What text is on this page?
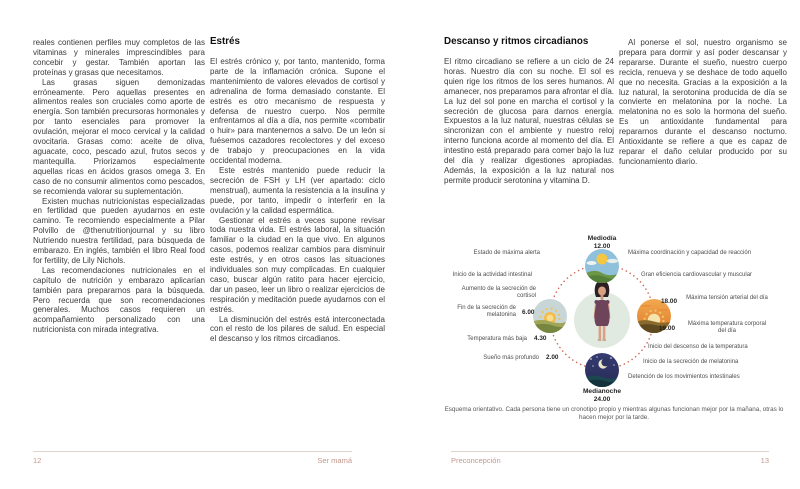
reales contienen perfiles muy completos de las vitaminas y minerales imprescindibles para concebir y gestar. También aportan las proteínas y grasas que necesitamos.

Las grasas siguen demonizadas erróneamente. Pero aquellas presentes en alimentos reales son cruciales como aporte de energía. Son también precursoras hormonales y por tanto esenciales para promover la ovulación, mejorar el moco cervical y la calidad ovocitaria. Grasas como: aceite de oliva, aguacate, coco, pescado azul, frutos secos y mantequilla. Priorizamos especialmente aquellas ricas en ácidos grasos omega 3. En caso de no consumir alimentos como pescados, se recomienda valorar su suplementación.

Existen muchas nutricionistas especializadas en fertilidad que pueden ayudarnos en este camino. Te recomiendo especialmente a Pilar Polvillo de @thenutritionjournal y su libro Nutriendo nuestra fertilidad, para búsqueda de embarazo. En inglés, también el libro Real food for fertility, de Lily Nichols.

Las recomendaciones nutricionales en el capítulo de nutrición y embarazo aplicarían también para prepararnos para la búsqueda. Pero recuerda que son recomendaciones generales. Muchos casos requieren un acompañamiento personalizado con una nutricionista con mirada integrativa.

Estrés

El estrés crónico y, por tanto, mantenido, forma parte de la inflamación crónica. Supone el mantenimiento de valores elevados de cortisol y adrenalina de forma demasiado constante. El estrés es otro mecanismo de respuesta y defensa de nuestro cuerpo. Nos permite enfrentarnos al día a día, nos permite «combatir o huir» para mantenernos a salvo. De un león si fuésemos cazadores recolectores y del exceso de trabajo y preocupaciones en la vida occidental moderna.

Este estrés mantenido puede reducir la secreción de FSH y LH (ver apartado: ciclo menstrual), aumenta la resistencia a la insulina y puede, por tanto, impedir o interferir en la ovulación y la calidad espermática.

Gestionar el estrés a veces supone revisar toda nuestra vida. El estrés laboral, la situación familiar o la ciudad en la que vivo. En algunos casos, podemos realizar cambios para disminuir este estrés, y en otros casos las situaciones individuales son muy complicadas. En cualquier caso, buscar algún ratito para hacer ejercicio, dar un paseo, leer un libro o realizar ejercicios de respiración y meditación puede ayudarnos con el estrés.

La disminución del estrés está interconectada con el resto de los pilares de salud. En especial el descanso y los ritmos circadianos.

12	Ser mamá
Descanso y ritmos circadianos

El ritmo circadiano se refiere a un ciclo de 24 horas. Nuestro día con su noche. El sol es quien rige los ritmos de los seres humanos. Al amanecer, nos preparamos para afrontar el día. La luz del sol pone en marcha el cortisol y la secreción de glucosa para darnos energía. Expuestos a la luz natural, nuestras células se sincronizan con el ambiente y nuestro reloj interno funciona acorde al momento del día. El intestino está preparado para comer bajo la luz del día y realizar digestiones apropiadas. Además, la exposición a la luz natural nos permite producir serotonina y vitamina D.

Al ponerse el sol, nuestro organismo se prepara para dormir y así poder descansar y repararse. Durante el sueño, nuestro cuerpo recicla, renueva y se deshace de todo aquello que no necesita. Gracias a la exposición a la luz natural, la serotonina producida de día se convierte en melatonina por la noche. La melatonina no es solo la hormona del sueño. Es un antioxidante fundamental para repararnos durante el descanso nocturno. Antioxidante se refiere a que es capaz de reparar el daño celular producido por su funcionamiento diario.

Mediodía
12.00
Medianoche
24.00
Estado de máxima alerta
Inicio de la actividad intestinal
Aumento de la secreción de cortisol
Fin de la secreción de melatonina 6.00
Temperatura más baja 4.30
Sueño más profundo 2.00
Máxima coordinación y capacidad de reacción
Gran eficiencia cardiovascular y muscular
18.00 Máxima tensión arterial del día
19.00
Máxima temperatura corporal del día
Inicio del descenso de la temperatura
Inicio de la secreción de melatonina
Detención de los movimientos intestinales
Esquema orientativo. Cada persona tiene un cronotipo propio y mientras algunas funcionan mejor por la mañana, otras lo hacen mejor por la tarde.
Preconcepción	13
